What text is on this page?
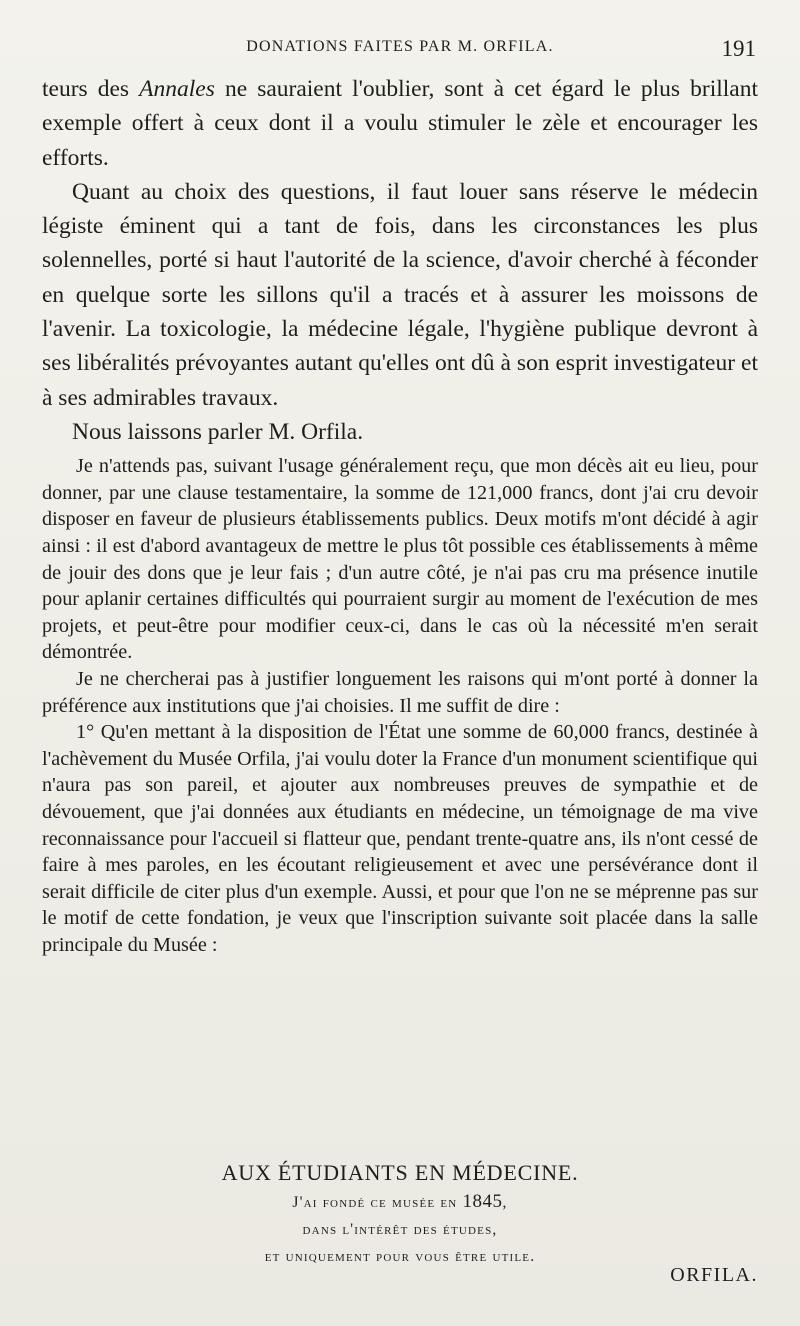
DONATIONS FAITES PAR M. ORFILA.	191

teurs des Annales ne sauraient l'oublier, sont à cet égard le plus brillant exemple offert à ceux dont il a voulu stimuler le zèle et encourager les efforts.

Quant au choix des questions, il faut louer sans réserve le médecin légiste éminent qui a tant de fois, dans les circonstances les plus solennelles, porté si haut l'autorité de la science, d'avoir cherché à féconder en quelque sorte les sillons qu'il a tracés et à assurer les moissons de l'avenir. La toxicologie, la médecine légale, l'hygiène publique devront à ses libéralités prévoyantes autant qu'elles ont dû à son esprit investigateur et à ses admirables travaux.

Nous laissons parler M. Orfila.

Je n'attends pas, suivant l'usage généralement reçu, que mon décès ait eu lieu, pour donner, par une clause testamentaire, la somme de 121,000 francs, dont j'ai cru devoir disposer en faveur de plusieurs établissements publics. Deux motifs m'ont décidé à agir ainsi : il est d'abord avantageux de mettre le plus tôt possible ces établissements à même de jouir des dons que je leur fais ; d'un autre côté, je n'ai pas cru ma présence inutile pour aplanir certaines difficultés qui pourraient surgir au moment de l'exécution de mes projets, et peut-être pour modifier ceux-ci, dans le cas où la nécessité m'en serait démontrée.

Je ne chercherai pas à justifier longuement les raisons qui m'ont porté à donner la préférence aux institutions que j'ai choisies. Il me suffit de dire :

1° Qu'en mettant à la disposition de l'État une somme de 60,000 francs, destinée à l'achèvement du Musée Orfila, j'ai voulu doter la France d'un monument scientifique qui n'aura pas son pareil, et ajouter aux nombreuses preuves de sympathie et de dévouement, que j'ai données aux étudiants en médecine, un témoignage de ma vive reconnaissance pour l'accueil si flatteur que, pendant trente-quatre ans, ils n'ont cessé de faire à mes paroles, en les écoutant religieusement et avec une persévérance dont il serait difficile de citer plus d'un exemple. Aussi, et pour que l'on ne se méprenne pas sur le motif de cette fondation, je veux que l'inscription suivante soit placée dans la salle principale du Musée :

AUX ÉTUDIANTS EN MÉDECINE.
J'ai fondé ce musée en 1845,
dans l'intérêt des études,
et uniquement pour vous être utile.
ORFILA.
